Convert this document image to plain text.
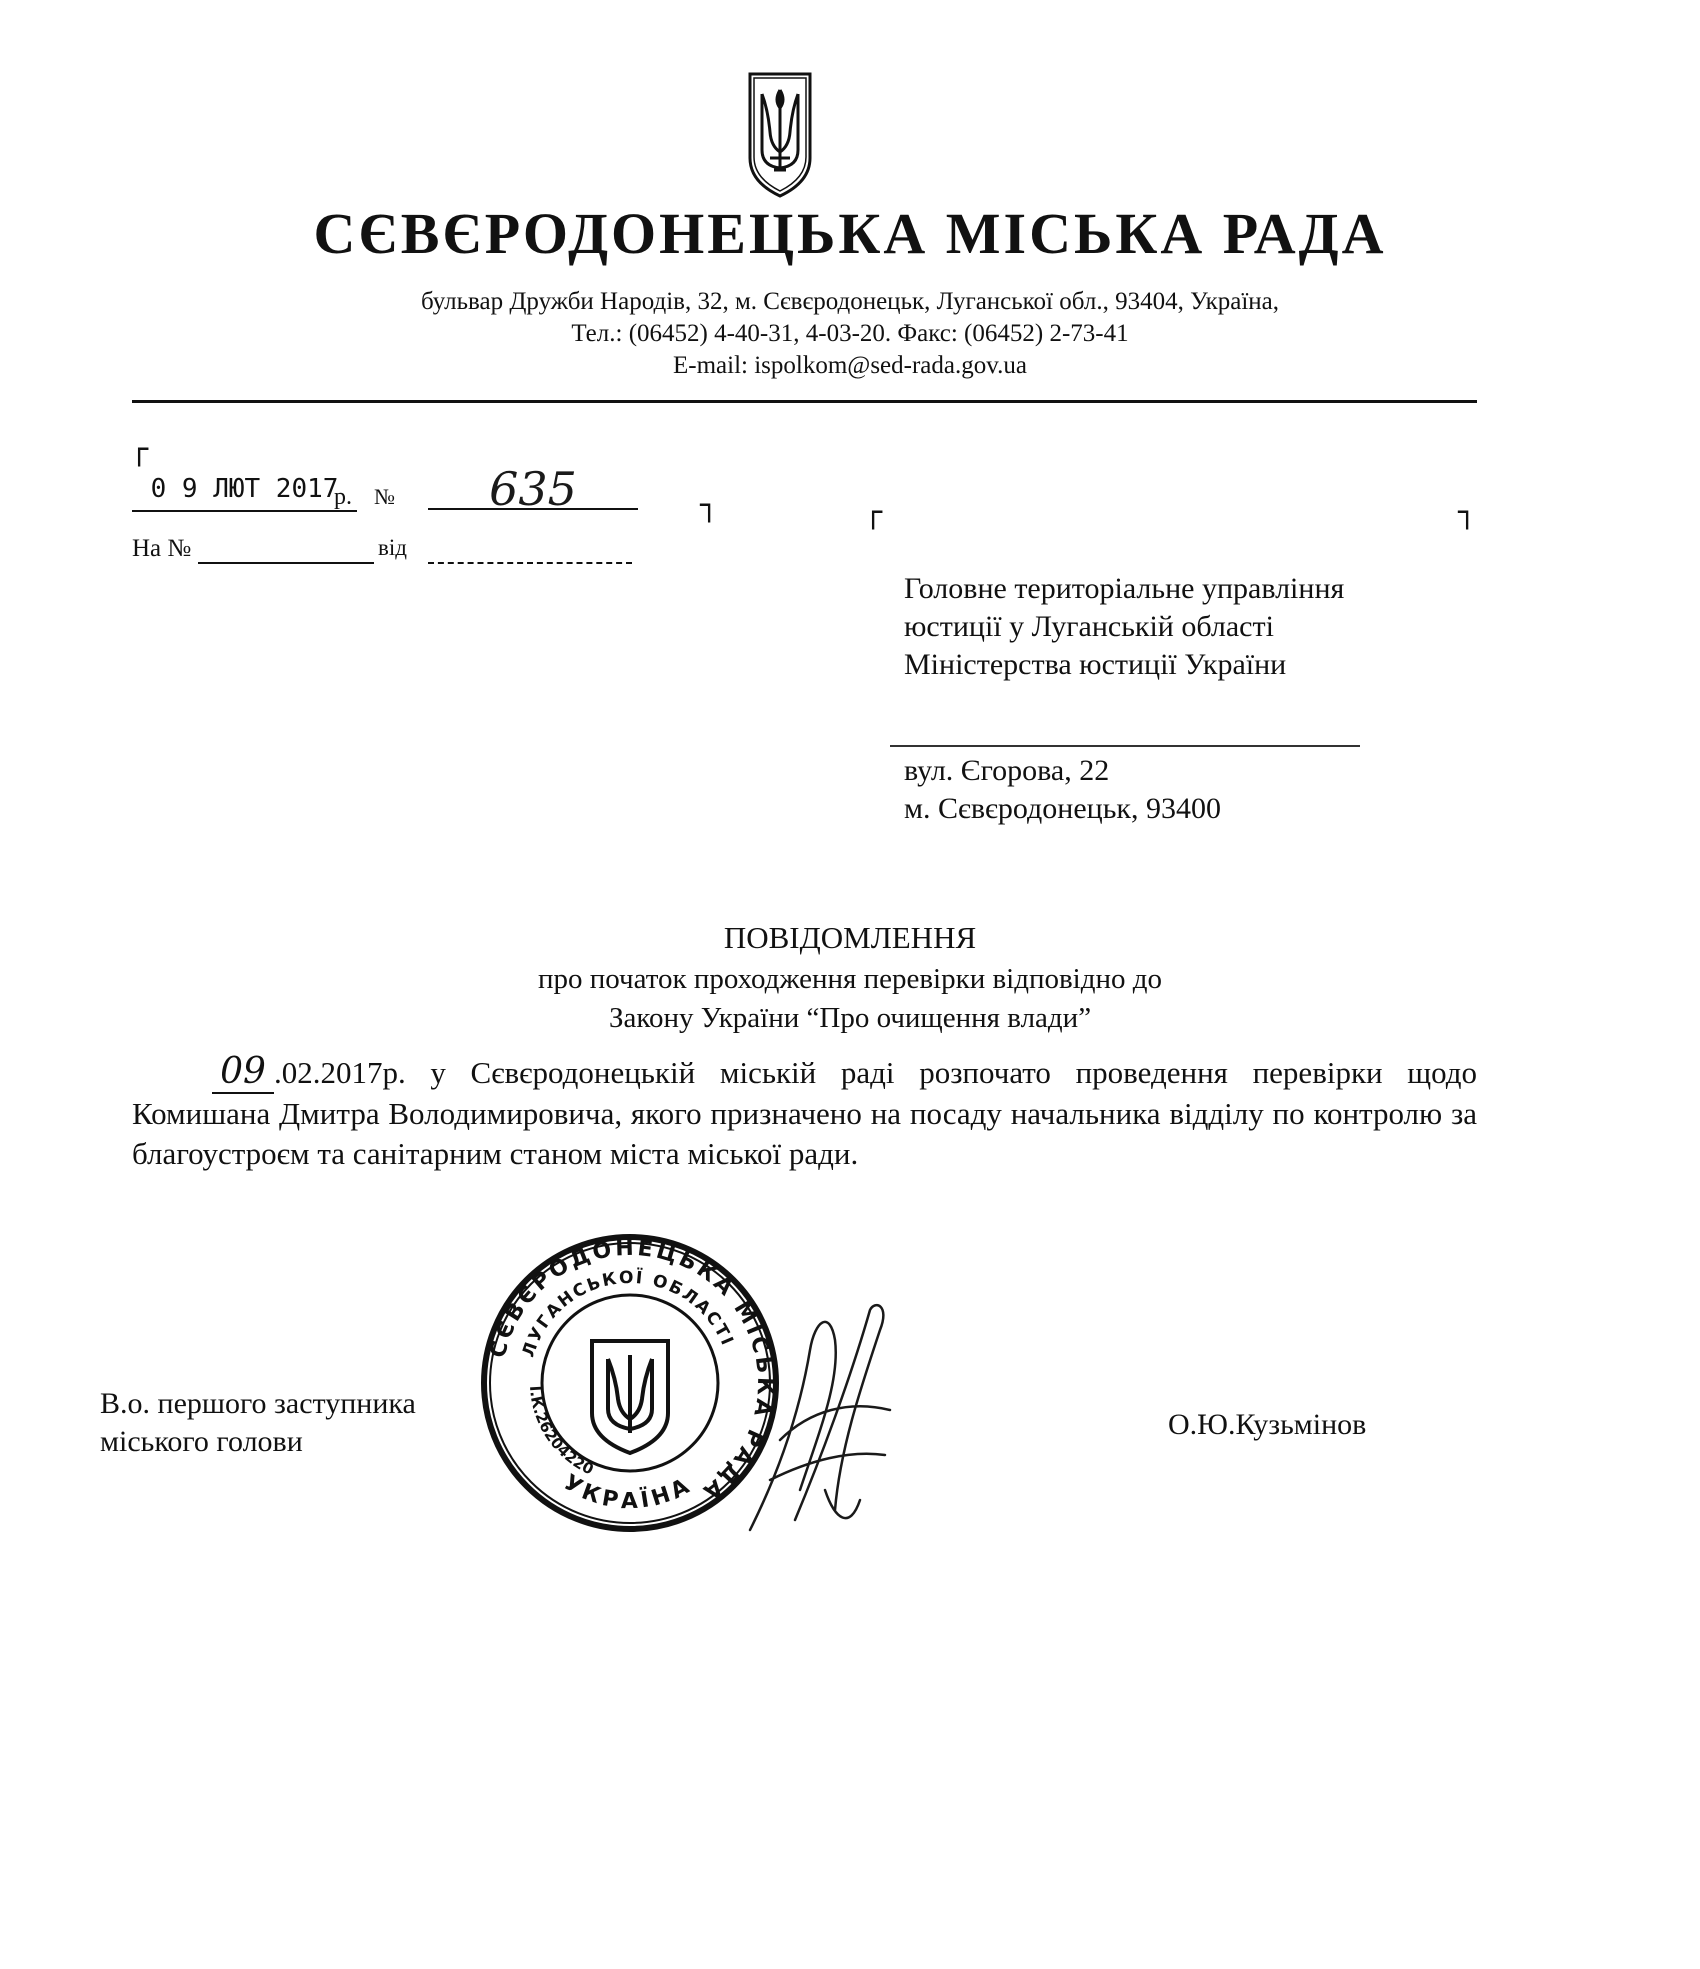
СЄВЄРОДОНЕЦЬКА МІСЬКА РАДА
бульвар Дружби Народів, 32, м. Сєвєродонецьк, Луганської обл., 93404, Україна,
Тел.: (06452) 4-40-31, 4-03-20. Факс: (06452) 2-73-41
E-mail: ispolkom@sed-rada.gov.ua
┌
┐	┌	┐
0 9 ЛЮТ 2017
р. №	635
На №	від
Головне територіальне управління юстиції у Луганській області Міністерства юстиції України
вул. Єгорова, 22
м. Сєвєродонецьк, 93400
ПОВІДОМЛЕННЯ
про початок проходження перевірки відповідно до
Закону України “Про очищення влади”
09 .02.2017р. у Сєвєродонецькій міській раді розпочато проведення перевірки щодо Комишана Дмитра Володимировича, якого призначено на посаду начальника відділу по контролю за благоустроєм та санітарним станом міста міської ради.
В.о. першого заступника
міського голови
О.Ю.Кузьмінов
СЄВЄРОДОНЕЦЬКА МІСЬКА РАДА
ЛУГАНСЬКОЇ ОБЛАСТІ
І.К.26204220
УКРАЇНА
